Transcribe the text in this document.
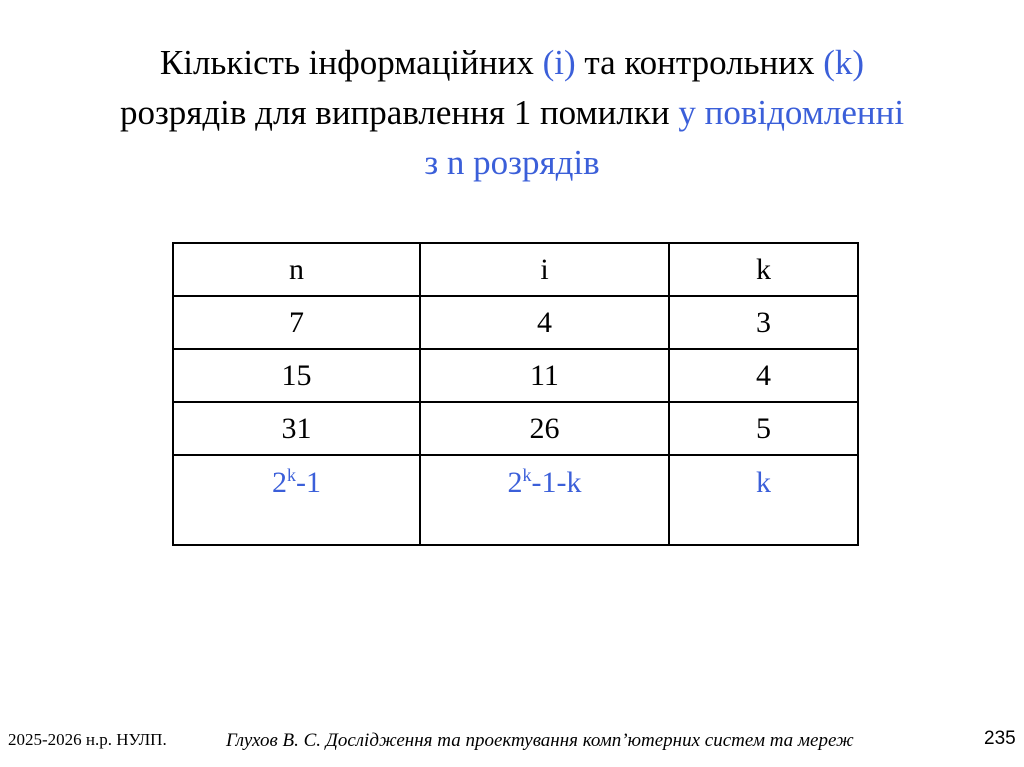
Кількість інформаційних (i) та контрольних (k)
розрядів для виправлення 1 помилки у повідомленні
з n розрядів
n	i	k
7	4	3
15	11	4
31	26	5
2$^k$-1	2$^k$-1-k	k
2025-2026 н.р. НУЛП.	Глухов В. С. Дослідження та проектування комп’ютерних систем та мереж	235
